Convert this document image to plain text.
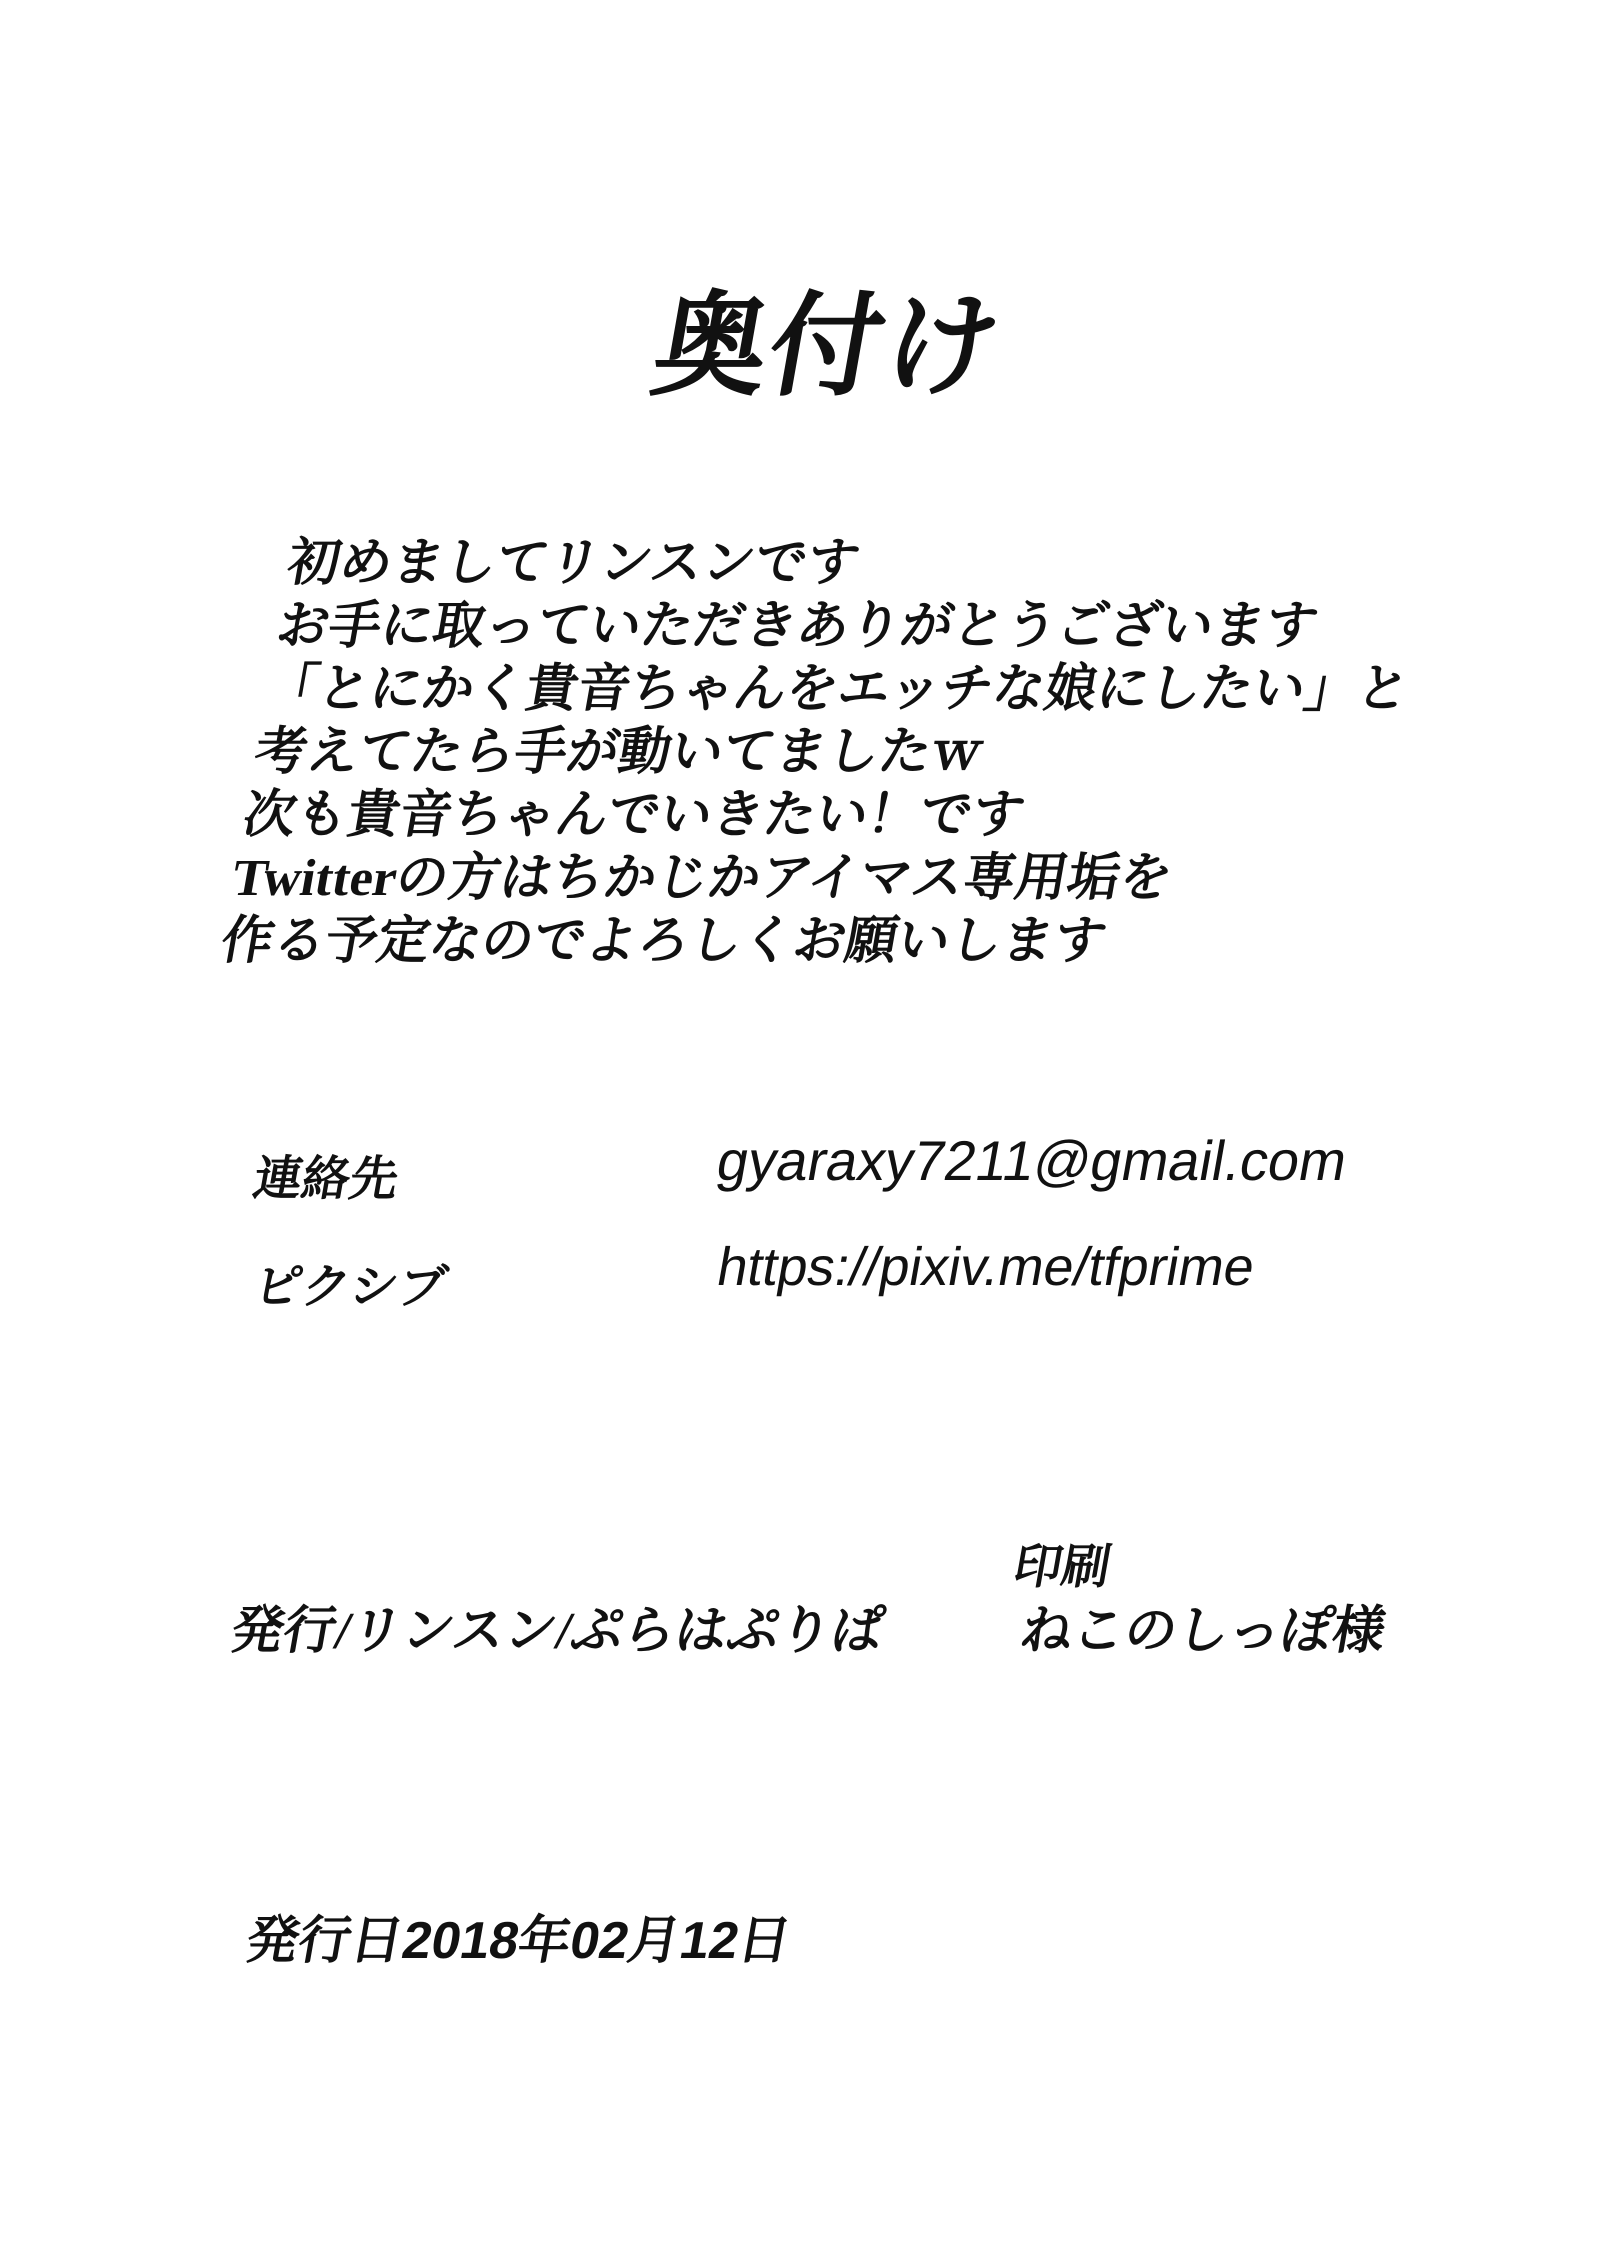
奥付け
初めましてリンスンです
お手に取っていただきありがとうございます
「とにかく貴音ちゃんをエッチな娘にしたい」と
考えてたら手が動いてましたｗ
次も貴音ちゃんでいきたい！です
Twitterの方はちかじかアイマス専用垢を
作る予定なのでよろしくお願いします
連絡先	gyaraxy7211@gmail.com
ピクシブ	https://pixiv.me/tfprime
印刷
発行/リンスン/ぷらはぷりぱ ねこのしっぽ様
発行日2018年02月12日
